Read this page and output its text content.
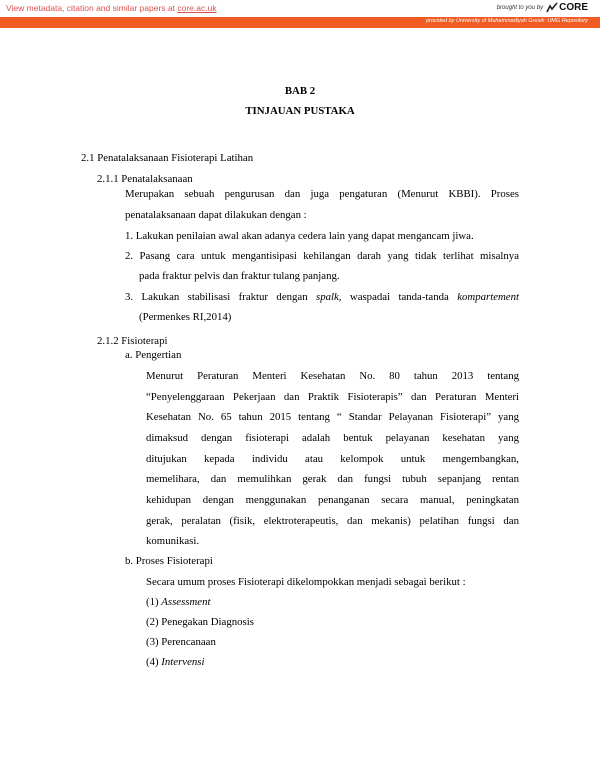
View metadata, citation and similar papers at core.ac.uk	brought to you by CORE
provided by University of Muhammadiyah Gresik: UMG Repository
BAB 2
TINJAUAN PUSTAKA
2.1 Penatalaksanaan Fisioterapi Latihan
2.1.1 Penatalaksanaan
Merupakan sebuah pengurusan dan juga pengaturan (Menurut KBBI). Proses
penatalaksanaan dapat dilakukan dengan :
1. Lakukan penilaian awal akan adanya cedera lain yang dapat mengancam jiwa.
2. Pasang cara untuk mengantisipasi kehilangan darah yang tidak terlihat misalnya
pada fraktur pelvis dan fraktur tulang panjang.
3. Lakukan stabilisasi fraktur dengan spalk, waspadai tanda-tanda kompartement
(Permenkes RI,2014)
2.1.2 Fisioterapi
a. Pengertian
Menurut Peraturan Menteri Kesehatan No. 80 tahun 2013 tentang
“Penyelenggaraan Pekerjaan dan Praktik Fisioterapis” dan Peraturan Menteri
Kesehatan No. 65 tahun 2015 tentang “ Standar Pelayanan Fisioterapi” yang
dimaksud dengan fisioterapi adalah bentuk pelayanan kesehatan yang
ditujukan kepada individu atau kelompok untuk mengembangkan,
memelihara, dan memulihkan gerak dan fungsi tubuh sepanjang rentan
kehidupan dengan menggunakan penanganan secara manual, peningkatan
gerak, peralatan (fisik, elektroterapeutis, dan mekanis) pelatihan fungsi dan
komunikasi.
b. Proses Fisioterapi
Secara umum proses Fisioterapi dikelompokkan menjadi sebagai berikut :
(1) Assessment
(2) Penegakan Diagnosis
(3) Perencanaan
(4) Intervensi
